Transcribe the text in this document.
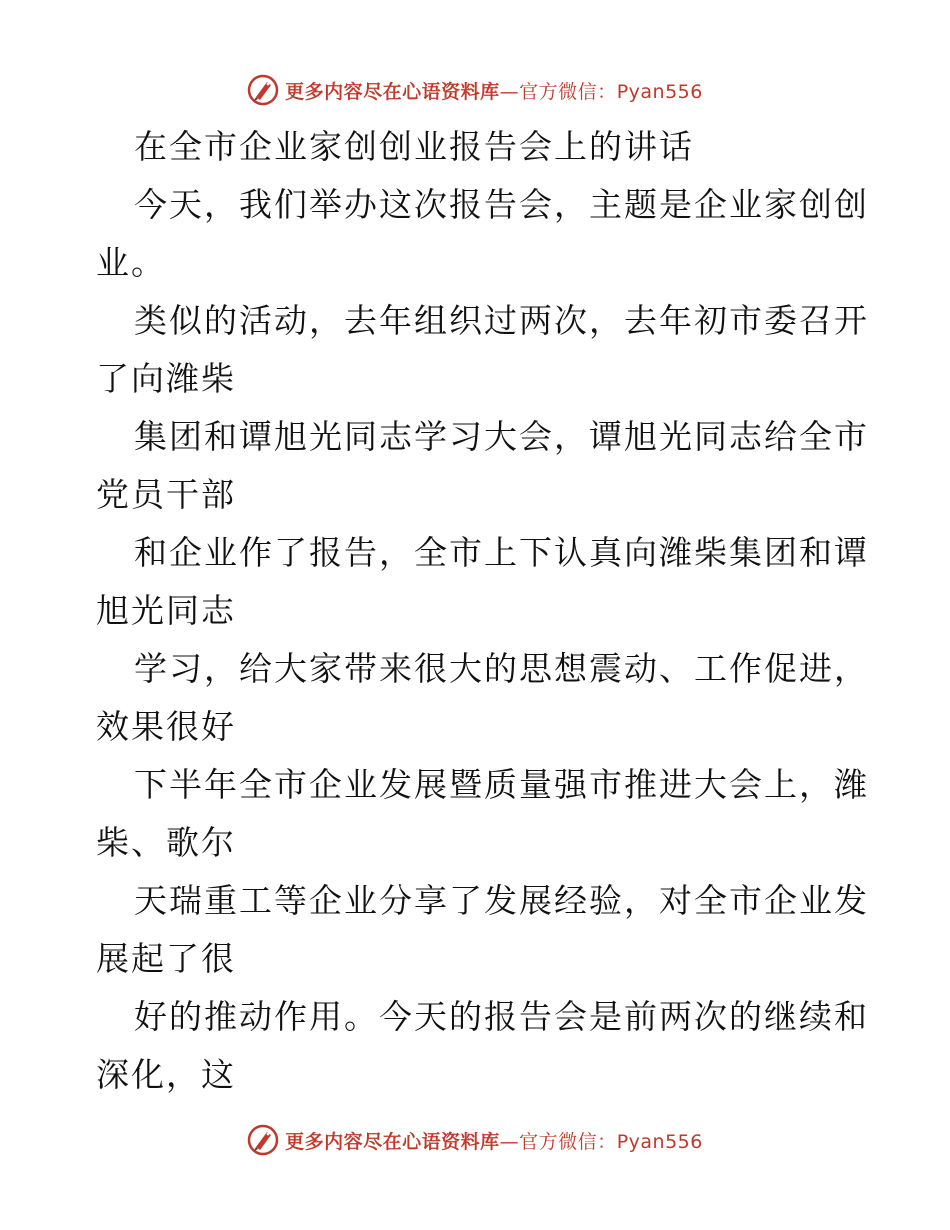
更多内容尽在心语资料库—官方微信：Pyan556
在全市企业家创创业报告会上的讲话
今天，我们举办这次报告会，主题是企业家创创
业。
类似的活动，去年组织过两次，去年初市委召开
了向潍柴
集团和谭旭光同志学习大会，谭旭光同志给全市
党员干部
和企业作了报告，全市上下认真向潍柴集团和谭
旭光同志
学习，给大家带来很大的思想震动、工作促进，
效果很好
下半年全市企业发展暨质量强市推进大会上，潍
柴、歌尔
天瑞重工等企业分享了发展经验，对全市企业发
展起了很
好的推动作用。今天的报告会是前两次的继续和
深化，这
更多内容尽在心语资料库—官方微信：Pyan556
